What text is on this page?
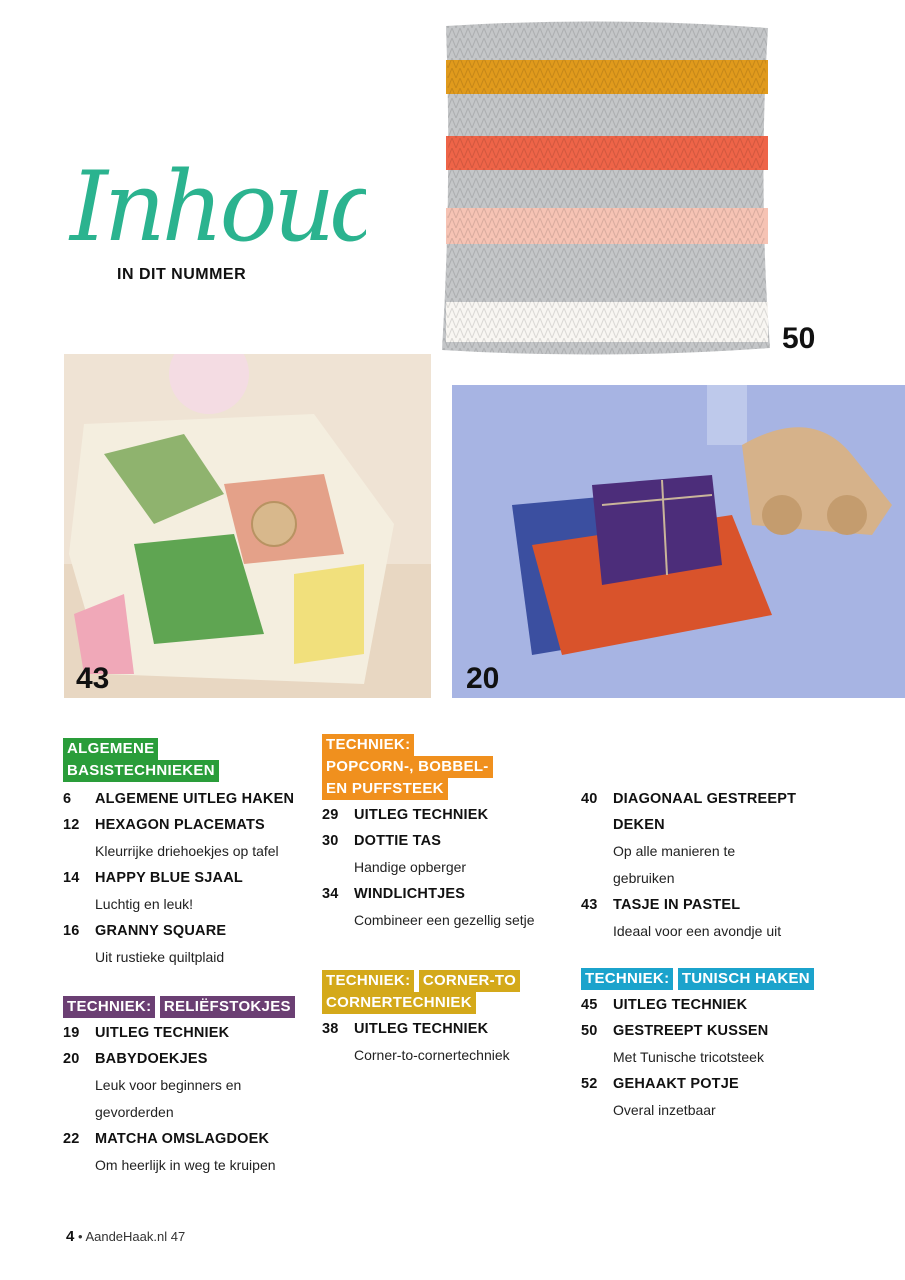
Inhoud
IN DIT NUMMER
50
43	20
ALGEMENE BASISTECHNIEKEN
6	ALGEMENE UITLEG HAKEN
12	HEXAGON PLACEMATS
Kleurrijke driehoekjes op tafel
14	HAPPY BLUE SJAAL
Luchtig en leuk!
16	GRANNY SQUARE
Uit rustieke quiltplaid
TECHNIEK: RELIËFSTOKJES
19	UITLEG TECHNIEK
20	BABYDOEKJES
Leuk voor beginners en
gevorderden
22	MATCHA OMSLAGDOEK
Om heerlijk in weg te kruipen
TECHNIEK: POPCORN-, BOBBEL- EN PUFFSTEEK
29	UITLEG TECHNIEK
30	DOTTIE TAS
Handige opberger
34	WINDLICHTJES
Combineer een gezellig setje
TECHNIEK: CORNER-TO CORNERTECHNIEK
38	UITLEG TECHNIEK
Corner-to-cornertechniek
40	DIAGONAAL GESTREEPT

DEKEN
Op alle manieren te
gebruiken
43	TASJE IN PASTEL
Ideaal voor een avondje uit
TECHNIEK: TUNISCH HAKEN
45	UITLEG TECHNIEK
50	GESTREEPT KUSSEN
Met Tunische tricotsteek
52	GEHAAKT POTJE
Overal inzetbaar
4 • AandeHaak.nl 47
